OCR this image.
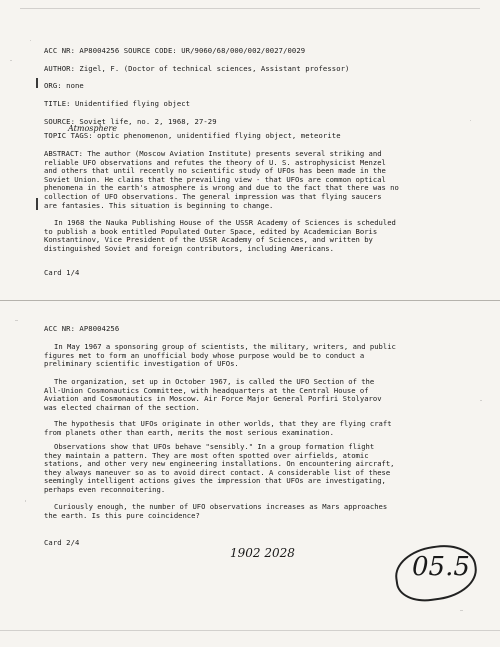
ACC NR: AP8004256 SOURCE CODE: UR/9060/68/000/002/0027/0029
AUTHOR: Zigel, F. (Doctor of technical sciences, Assistant professor)
ORG: none
TITLE: Unidentified flying object
SOURCE: Soviet life, no. 2, 1968, 27-29
Atmosphere
TOPIC TAGS: optic phenomenon, unidentified flying object, meteorite
ABSTRACT: The author (Moscow Aviation Institute) presents several striking and
reliable UFO observations and refutes the theory of U. S. astrophysicist Menzel
and others that until recently no scientific study of UFOs has been made in the
Soviet Union. He claims that the prevailing view - that UFOs are common optical
phenomena in the earth's atmosphere is wrong and due to the fact that there was no
collection of UFO observations. The general impression was that flying saucers
are fantasies. This situation is beginning to change.
In 1968 the Nauka Publishing House of the USSR Academy of Sciences is scheduled
to publish a book entitled Populated Outer Space, edited by Academician Boris
Konstantinov, Vice President of the USSR Academy of Sciences, and written by
distinguished Soviet and foreign contributors, including Americans.
Card 1/4
ACC NR: AP8004256
In May 1967 a sponsoring group of scientists, the military, writers, and public
figures met to form an unofficial body whose purpose would be to conduct a
preliminary scientific investigation of UFOs.
The organization, set up in October 1967, is called the UFO Section of the
All-Union Cosmonautics Committee, with headquarters at the Central House of
Aviation and Cosmonautics in Moscow. Air Force Major General Porfiri Stolyarov
was elected chairman of the section.
The hypothesis that UFOs originate in other worlds, that they are flying craft
from planets other than earth, merits the most serious examination.
Observations show that UFOs behave "sensibly." In a group formation flight
they maintain a pattern. They are most often spotted over airfields, atomic
stations, and other very new engineering installations. On encountering aircraft,
they always maneuver so as to avoid direct contact. A considerable list of these
seemingly intelligent actions gives the impression that UFOs are investigating,
perhaps even reconnoitering.
Curiously enough, the number of UFO observations increases as Mars approaches
the earth. Is this pure coincidence?
Card 2/4
1902 2028	05.5
